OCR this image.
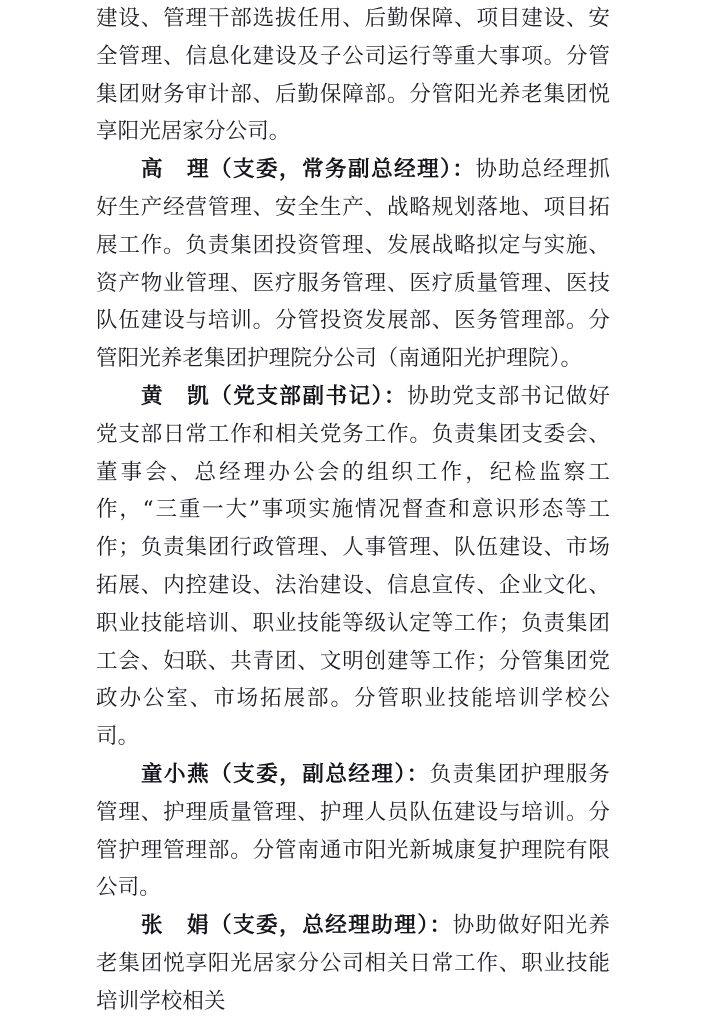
建设、管理干部选拔任用、后勤保障、项目建设、安全管理、信息化建设及子公司运行等重大事项。分管集团财务审计部、后勤保障部。分管阳光养老集团悦享阳光居家分公司。

高 理（支委，常务副总经理）：协助总经理抓好生产经营管理、安全生产、战略规划落地、项目拓展工作。负责集团投资管理、发展战略拟定与实施、资产物业管理、医疗服务管理、医疗质量管理、医技队伍建设与培训。分管投资发展部、医务管理部。分管阳光养老集团护理院分公司（南通阳光护理院）。

黄 凯（党支部副书记）：协助党支部书记做好党支部日常工作和相关党务工作。负责集团支委会、董事会、总经理办公会的组织工作，纪检监察工作，“三重一大”事项实施情况督查和意识形态等工作；负责集团行政管理、人事管理、队伍建设、市场拓展、内控建设、法治建设、信息宣传、企业文化、职业技能培训、职业技能等级认定等工作；负责集团工会、妇联、共青团、文明创建等工作；分管集团党政办公室、市场拓展部。分管职业技能培训学校公司。

童小燕（支委，副总经理）：负责集团护理服务管理、护理质量管理、护理人员队伍建设与培训。分管护理管理部。分管南通市阳光新城康复护理院有限公司。

张 娟（支委，总经理助理）：协助做好阳光养老集团悦享阳光居家分公司相关日常工作、职业技能培训学校相关
